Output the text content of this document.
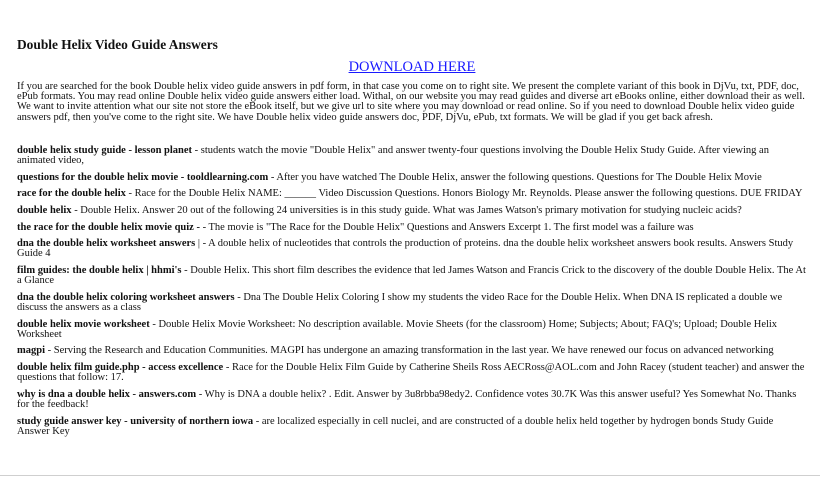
Double Helix Video Guide Answers
DOWNLOAD HERE
If you are searched for the book Double helix video guide answers in pdf form, in that case you come on to right site. We present the complete variant of this book in DjVu, txt, PDF, doc, ePub formats. You may read online Double helix video guide answers either load. Withal, on our website you may read guides and diverse art eBooks online, either download their as well. We want to invite attention what our site not store the eBook itself, but we give url to site where you may download or read online. So if you need to download Double helix video guide answers pdf, then you've come to the right site. We have Double helix video guide answers doc, PDF, DjVu, ePub, txt formats. We will be glad if you get back afresh.
double helix study guide - lesson planet - students watch the movie "Double Helix" and answer twenty-four questions involving the Double Helix Study Guide. After viewing an animated video,
questions for the double helix movie - tooldlearning.com - After you have watched The Double Helix, answer the following questions. Questions for The Double Helix Movie
race for the double helix - Race for the Double Helix NAME: ______ Video Discussion Questions. Honors Biology Mr. Reynolds. Please answer the following questions. DUE FRIDAY
double helix - Double Helix. Answer 20 out of the following 24 universities is in this study guide. What was James Watson's primary motivation for studying nucleic acids?
the race for the double helix movie quiz - - The movie is "The Race for the Double Helix" Questions and Answers Excerpt 1. The first model was a failure was
dna the double helix worksheet answers | - A double helix of nucleotides that controls the production of proteins. dna the double helix worksheet answers book results. Answers Study Guide 4
film guides: the double helix | hhmi's - Double Helix. This short film describes the evidence that led James Watson and Francis Crick to the discovery of the double Double Helix. The At a Glance
dna the double helix coloring worksheet answers - Dna The Double Helix Coloring I show my students the video Race for the Double Helix. When DNA IS replicated a double we discuss the answers as a class
double helix movie worksheet - Double Helix Movie Worksheet: No description available. Movie Sheets (for the classroom) Home; Subjects; About; FAQ's; Upload; Double Helix Worksheet
magpi - Serving the Research and Education Communities. MAGPI has undergone an amazing transformation in the last year. We have renewed our focus on advanced networking
double helix film guide.php - access excellence - Race for the Double Helix Film Guide by Catherine Sheils Ross AECRoss@AOL.com and John Racey (student teacher) and answer the questions that follow: 17.
why is dna a double helix - answers.com - Why is DNA a double helix? . Edit. Answer by 3u8rbba98edy2. Confidence votes 30.7K Was this answer useful? Yes Somewhat No. Thanks for the feedback!
study guide answer key - university of northern iowa - are localized especially in cell nuclei, and are constructed of a double helix held together by hydrogen bonds Study Guide Answer Key
